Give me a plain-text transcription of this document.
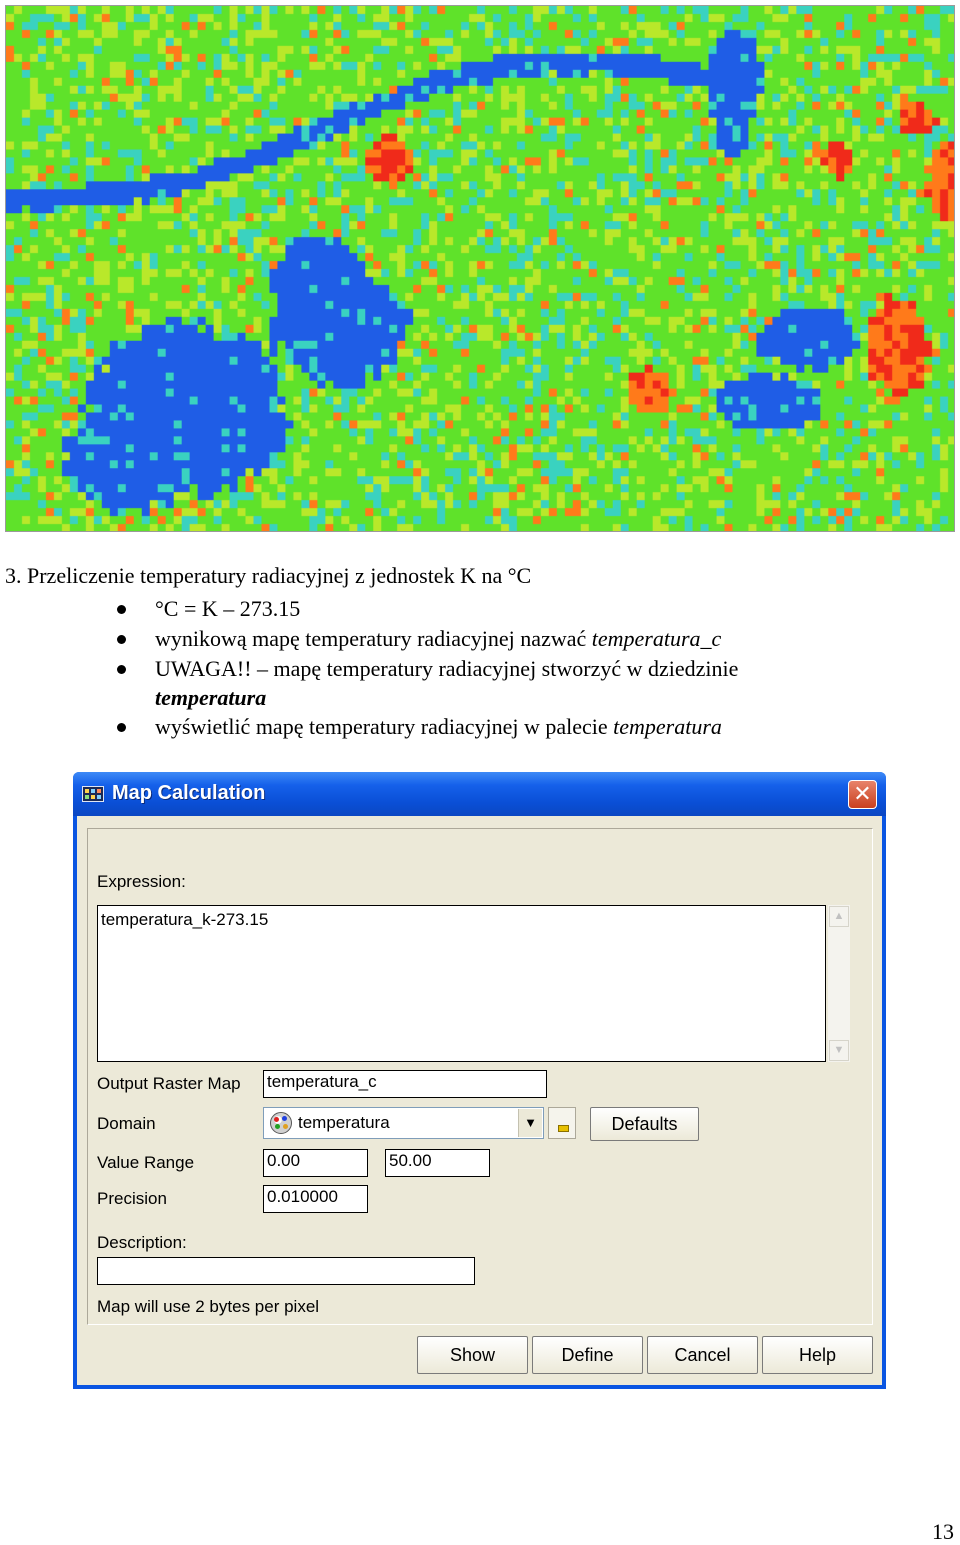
3. Przeliczenie temperatury radiacyjnej z jednostek K na °C
°C = K – 273.15
wynikową mapę temperatury radiacyjnej nazwać temperatura_c
UWAGA!! – mapę temperatury radiacyjnej stworzyć w dziedzinie
temperatura
wyświetlić mapę temperatury radiacyjnej w palecie temperatura
Map Calculation	✕
Expression:
temperatura_k-273.15	▲
▼
Output Raster Map temperatura_c
Domain	temperatura	▼	Defaults
Value Range	0.00	50.00
Precision	0.010000
Description:
Map will use 2 bytes per pixel
Show	Define	Cancel	Help
13
